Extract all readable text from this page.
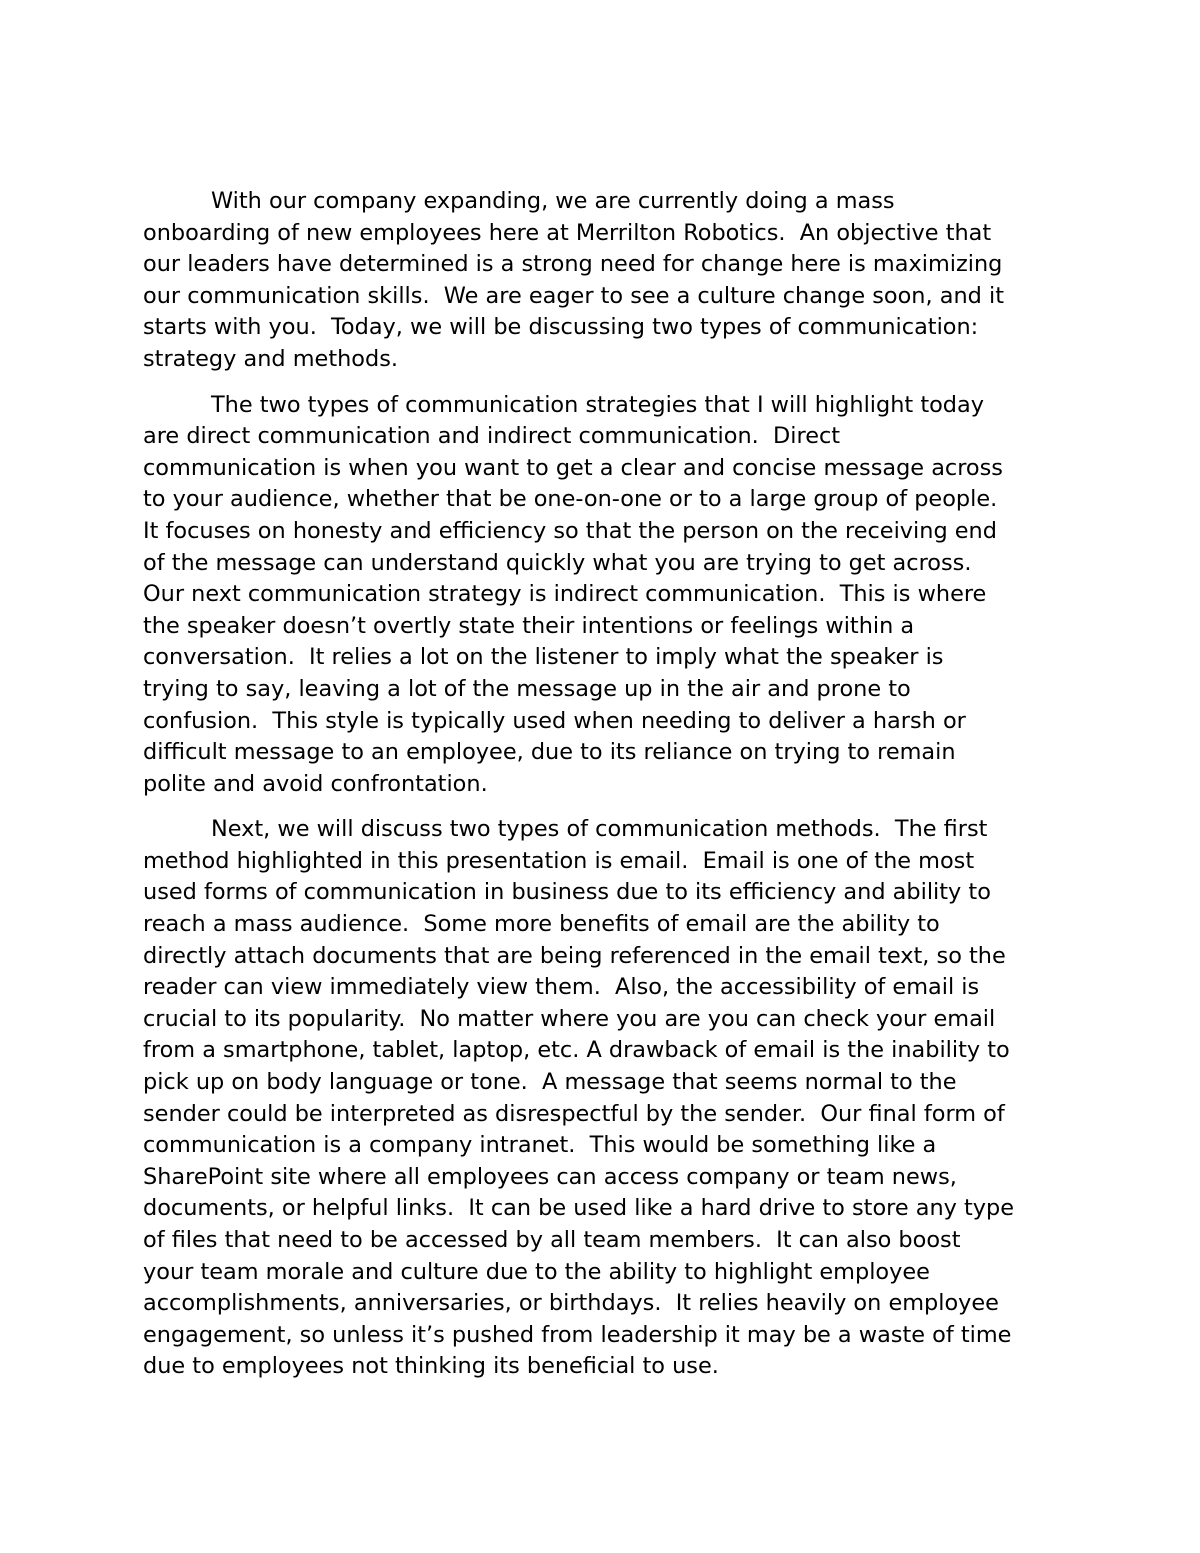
With our company expanding, we are currently doing a mass
onboarding of new employees here at Merrilton Robotics.  An objective that
our leaders have determined is a strong need for change here is maximizing
our communication skills.  We are eager to see a culture change soon, and it
starts with you.  Today, we will be discussing two types of communication:
strategy and methods.

The two types of communication strategies that I will highlight today
are direct communication and indirect communication.  Direct
communication is when you want to get a clear and concise message across
to your audience, whether that be one-on-one or to a large group of people.
It focuses on honesty and efficiency so that the person on the receiving end
of the message can understand quickly what you are trying to get across.
Our next communication strategy is indirect communication.  This is where
the speaker doesn’t overtly state their intentions or feelings within a
conversation.  It relies a lot on the listener to imply what the speaker is
trying to say, leaving a lot of the message up in the air and prone to
confusion.  This style is typically used when needing to deliver a harsh or
difficult message to an employee, due to its reliance on trying to remain
polite and avoid confrontation.

Next, we will discuss two types of communication methods.  The first
method highlighted in this presentation is email.  Email is one of the most
used forms of communication in business due to its efficiency and ability to
reach a mass audience.  Some more benefits of email are the ability to
directly attach documents that are being referenced in the email text, so the
reader can view immediately view them.  Also, the accessibility of email is
crucial to its popularity.  No matter where you are you can check your email
from a smartphone, tablet, laptop, etc. A drawback of email is the inability to
pick up on body language or tone.  A message that seems normal to the
sender could be interpreted as disrespectful by the sender.  Our final form of
communication is a company intranet.  This would be something like a
SharePoint site where all employees can access company or team news,
documents, or helpful links.  It can be used like a hard drive to store any type
of files that need to be accessed by all team members.  It can also boost
your team morale and culture due to the ability to highlight employee
accomplishments, anniversaries, or birthdays.  It relies heavily on employee
engagement, so unless it’s pushed from leadership it may be a waste of time
due to employees not thinking its beneficial to use.
